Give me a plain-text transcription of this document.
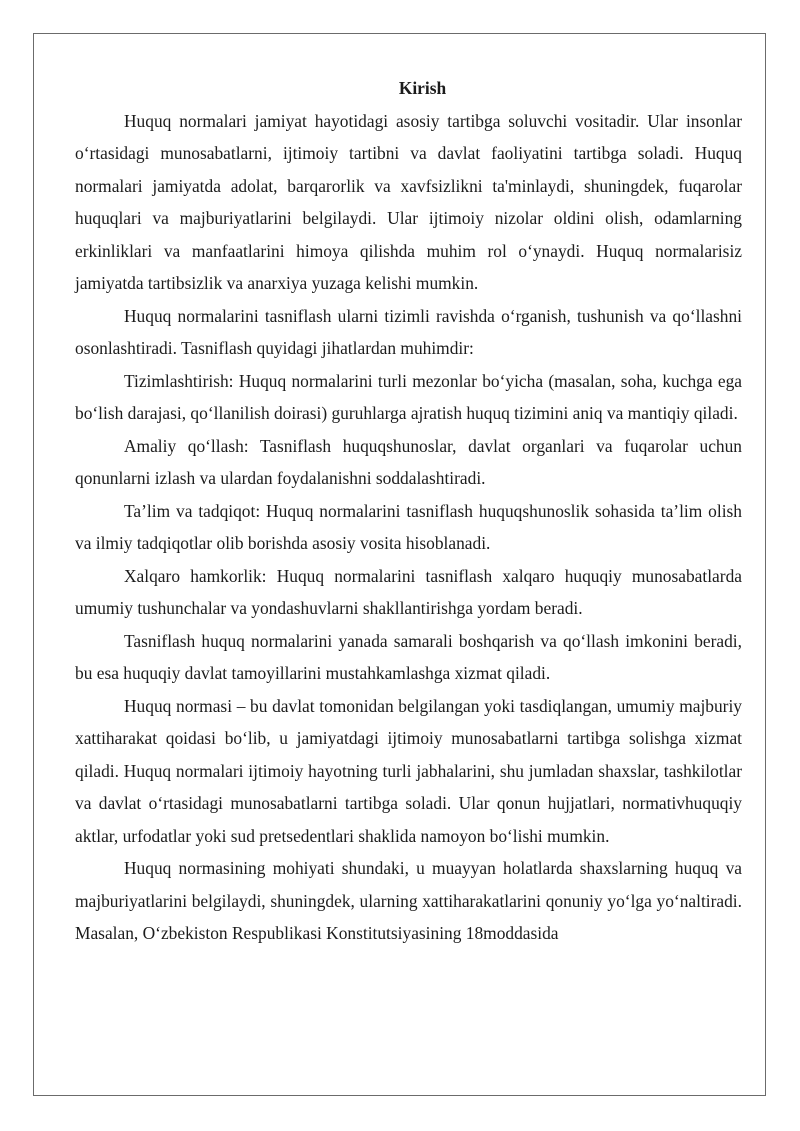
Kirish

Huquq normalari jamiyat hayotidagi asosiy tartibga soluvchi vositadir. Ular insonlar oʻrtasidagi munosabatlarni, ijtimoiy tartibni va davlat faoliyatini tartibga soladi. Huquq normalari jamiyatda adolat, barqarorlik va xavfsizlikni ta'minlaydi, shuningdek, fuqarolar huquqlari va majburiyatlarini belgilaydi. Ular ijtimoiy nizolar oldini olish, odamlarning erkinliklari va manfaatlarini himoya qilishda muhim rol oʻynaydi. Huquq normalarisiz jamiyatda tartibsizlik va anarxiya yuzaga kelishi mumkin.

Huquq normalarini tasniflash ularni tizimli ravishda oʻrganish, tushunish va qoʻllashni osonlashtiradi. Tasniflash quyidagi jihatlardan muhimdir:

Tizimlashtirish: Huquq normalarini turli mezonlar boʻyicha (masalan, soha, kuchga ega boʻlish darajasi, qoʻllanilish doirasi) guruhlarga ajratish huquq tizimini aniq va mantiqiy qiladi.

Amaliy qoʻllash: Tasniflash huquqshunoslar, davlat organlari va fuqarolar uchun qonunlarni izlash va ulardan foydalanishni soddalashtiradi.

Ta’lim va tadqiqot: Huquq normalarini tasniflash huquqshunoslik sohasida ta’lim olish va ilmiy tadqiqotlar olib borishda asosiy vosita hisoblanadi.

Xalqaro hamkorlik: Huquq normalarini tasniflash xalqaro huquqiy munosabatlarda umumiy tushunchalar va yondashuvlarni shakllantirishga yordam beradi.

Tasniflash huquq normalarini yanada samarali boshqarish va qoʻllash imkonini beradi, bu esa huquqiy davlat tamoyillarini mustahkamlashga xizmat qiladi.

Huquq normasi – bu davlat tomonidan belgilangan yoki tasdiqlangan, umumiy majburiy xattiharakat qoidasi boʻlib, u jamiyatdagi ijtimoiy munosabatlarni tartibga solishga xizmat qiladi. Huquq normalari ijtimoiy hayotning turli jabhalarini, shu jumladan shaxslar, tashkilotlar va davlat oʻrtasidagi munosabatlarni tartibga soladi. Ular qonun hujjatlari, normativhuquqiy aktlar, urfodatlar yoki sud pretsedentlari shaklida namoyon boʻlishi mumkin.

Huquq normasining mohiyati shundaki, u muayyan holatlarda shaxslarning huquq va majburiyatlarini belgilaydi, shuningdek, ularning xattiharakatlarini qonuniy yoʻlga yoʻnaltiradi. Masalan, Oʻzbekiston Respublikasi Konstitutsiyasining 18moddasida
